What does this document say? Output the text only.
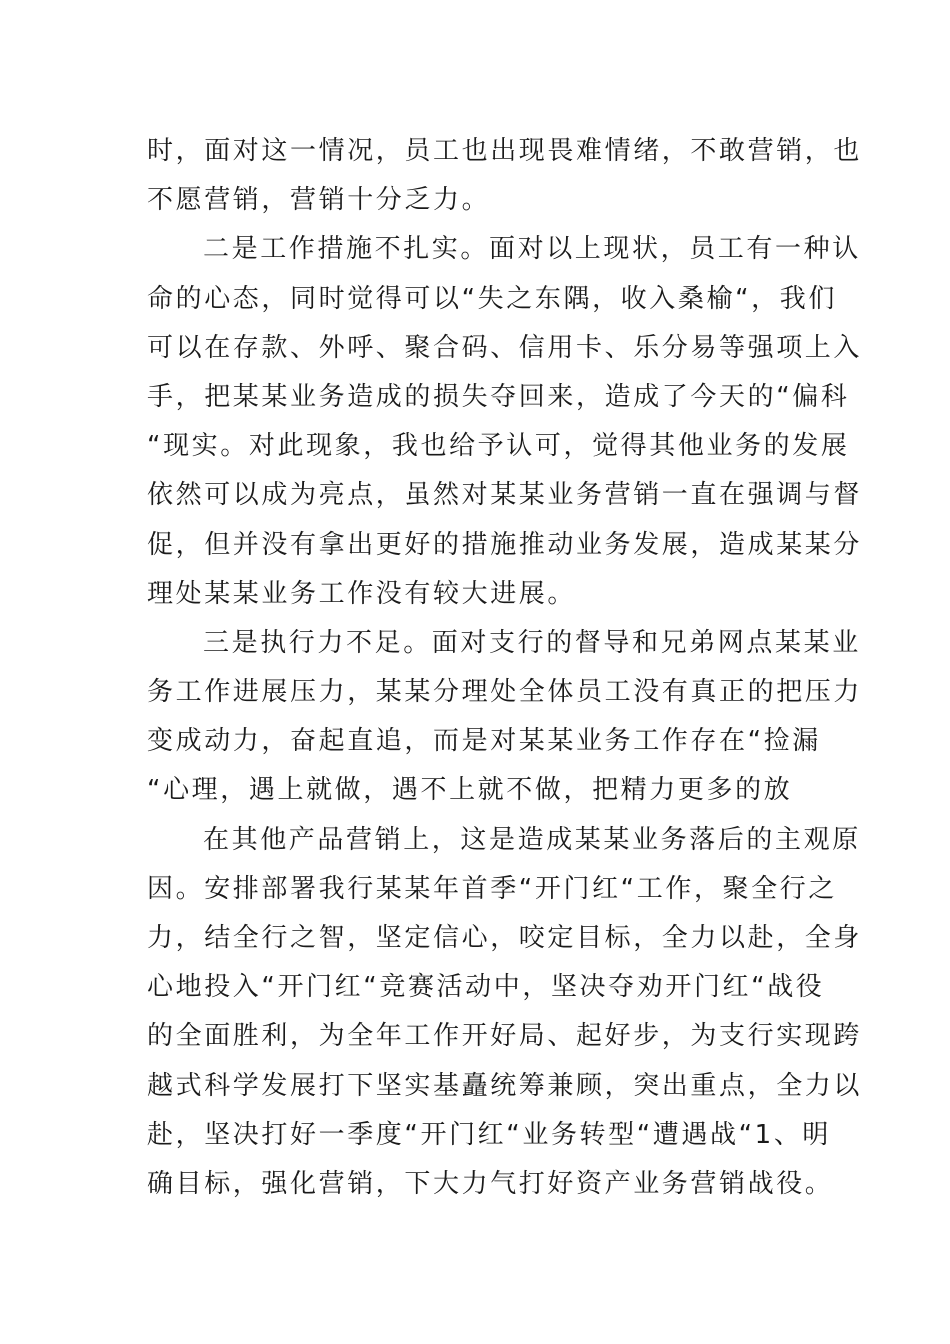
时，面对这一情况，员工也出现畏难情绪，不敢营销，也
不愿营销，营销十分乏力。
二是工作措施不扎实。面对以上现状，员工有一种认
命的心态，同时觉得可以“失之东隅，收入桑榆“，我们
可以在存款、外呼、聚合码、信用卡、乐分易等强项上入
手，把某某业务造成的损失夺回来，造成了今天的“偏科
“现实。对此现象，我也给予认可，觉得其他业务的发展
依然可以成为亮点，虽然对某某业务营销一直在强调与督
促，但并没有拿出更好的措施推动业务发展，造成某某分
理处某某业务工作没有较大进展。
三是执行力不足。面对支行的督导和兄弟网点某某业
务工作进展压力，某某分理处全体员工没有真正的把压力
变成动力，奋起直追，而是对某某业务工作存在“捡漏
“心理，遇上就做，遇不上就不做，把精力更多的放
在其他产品营销上，这是造成某某业务落后的主观原
因。安排部署我行某某年首季“开门红“工作，聚全行之
力，结全行之智，坚定信心，咬定目标，全力以赴，全身
心地投入“开门红“竞赛活动中，坚决夺劝开门红“战役
的全面胜利，为全年工作开好局、起好步，为支行实现跨
越式科学发展打下坚实基矗统筹兼顾，突出重点，全力以
赴，坚决打好一季度“开门红“业务转型“遭遇战“1、明
确目标，强化营销，下大力气打好资产业务营销战役。
